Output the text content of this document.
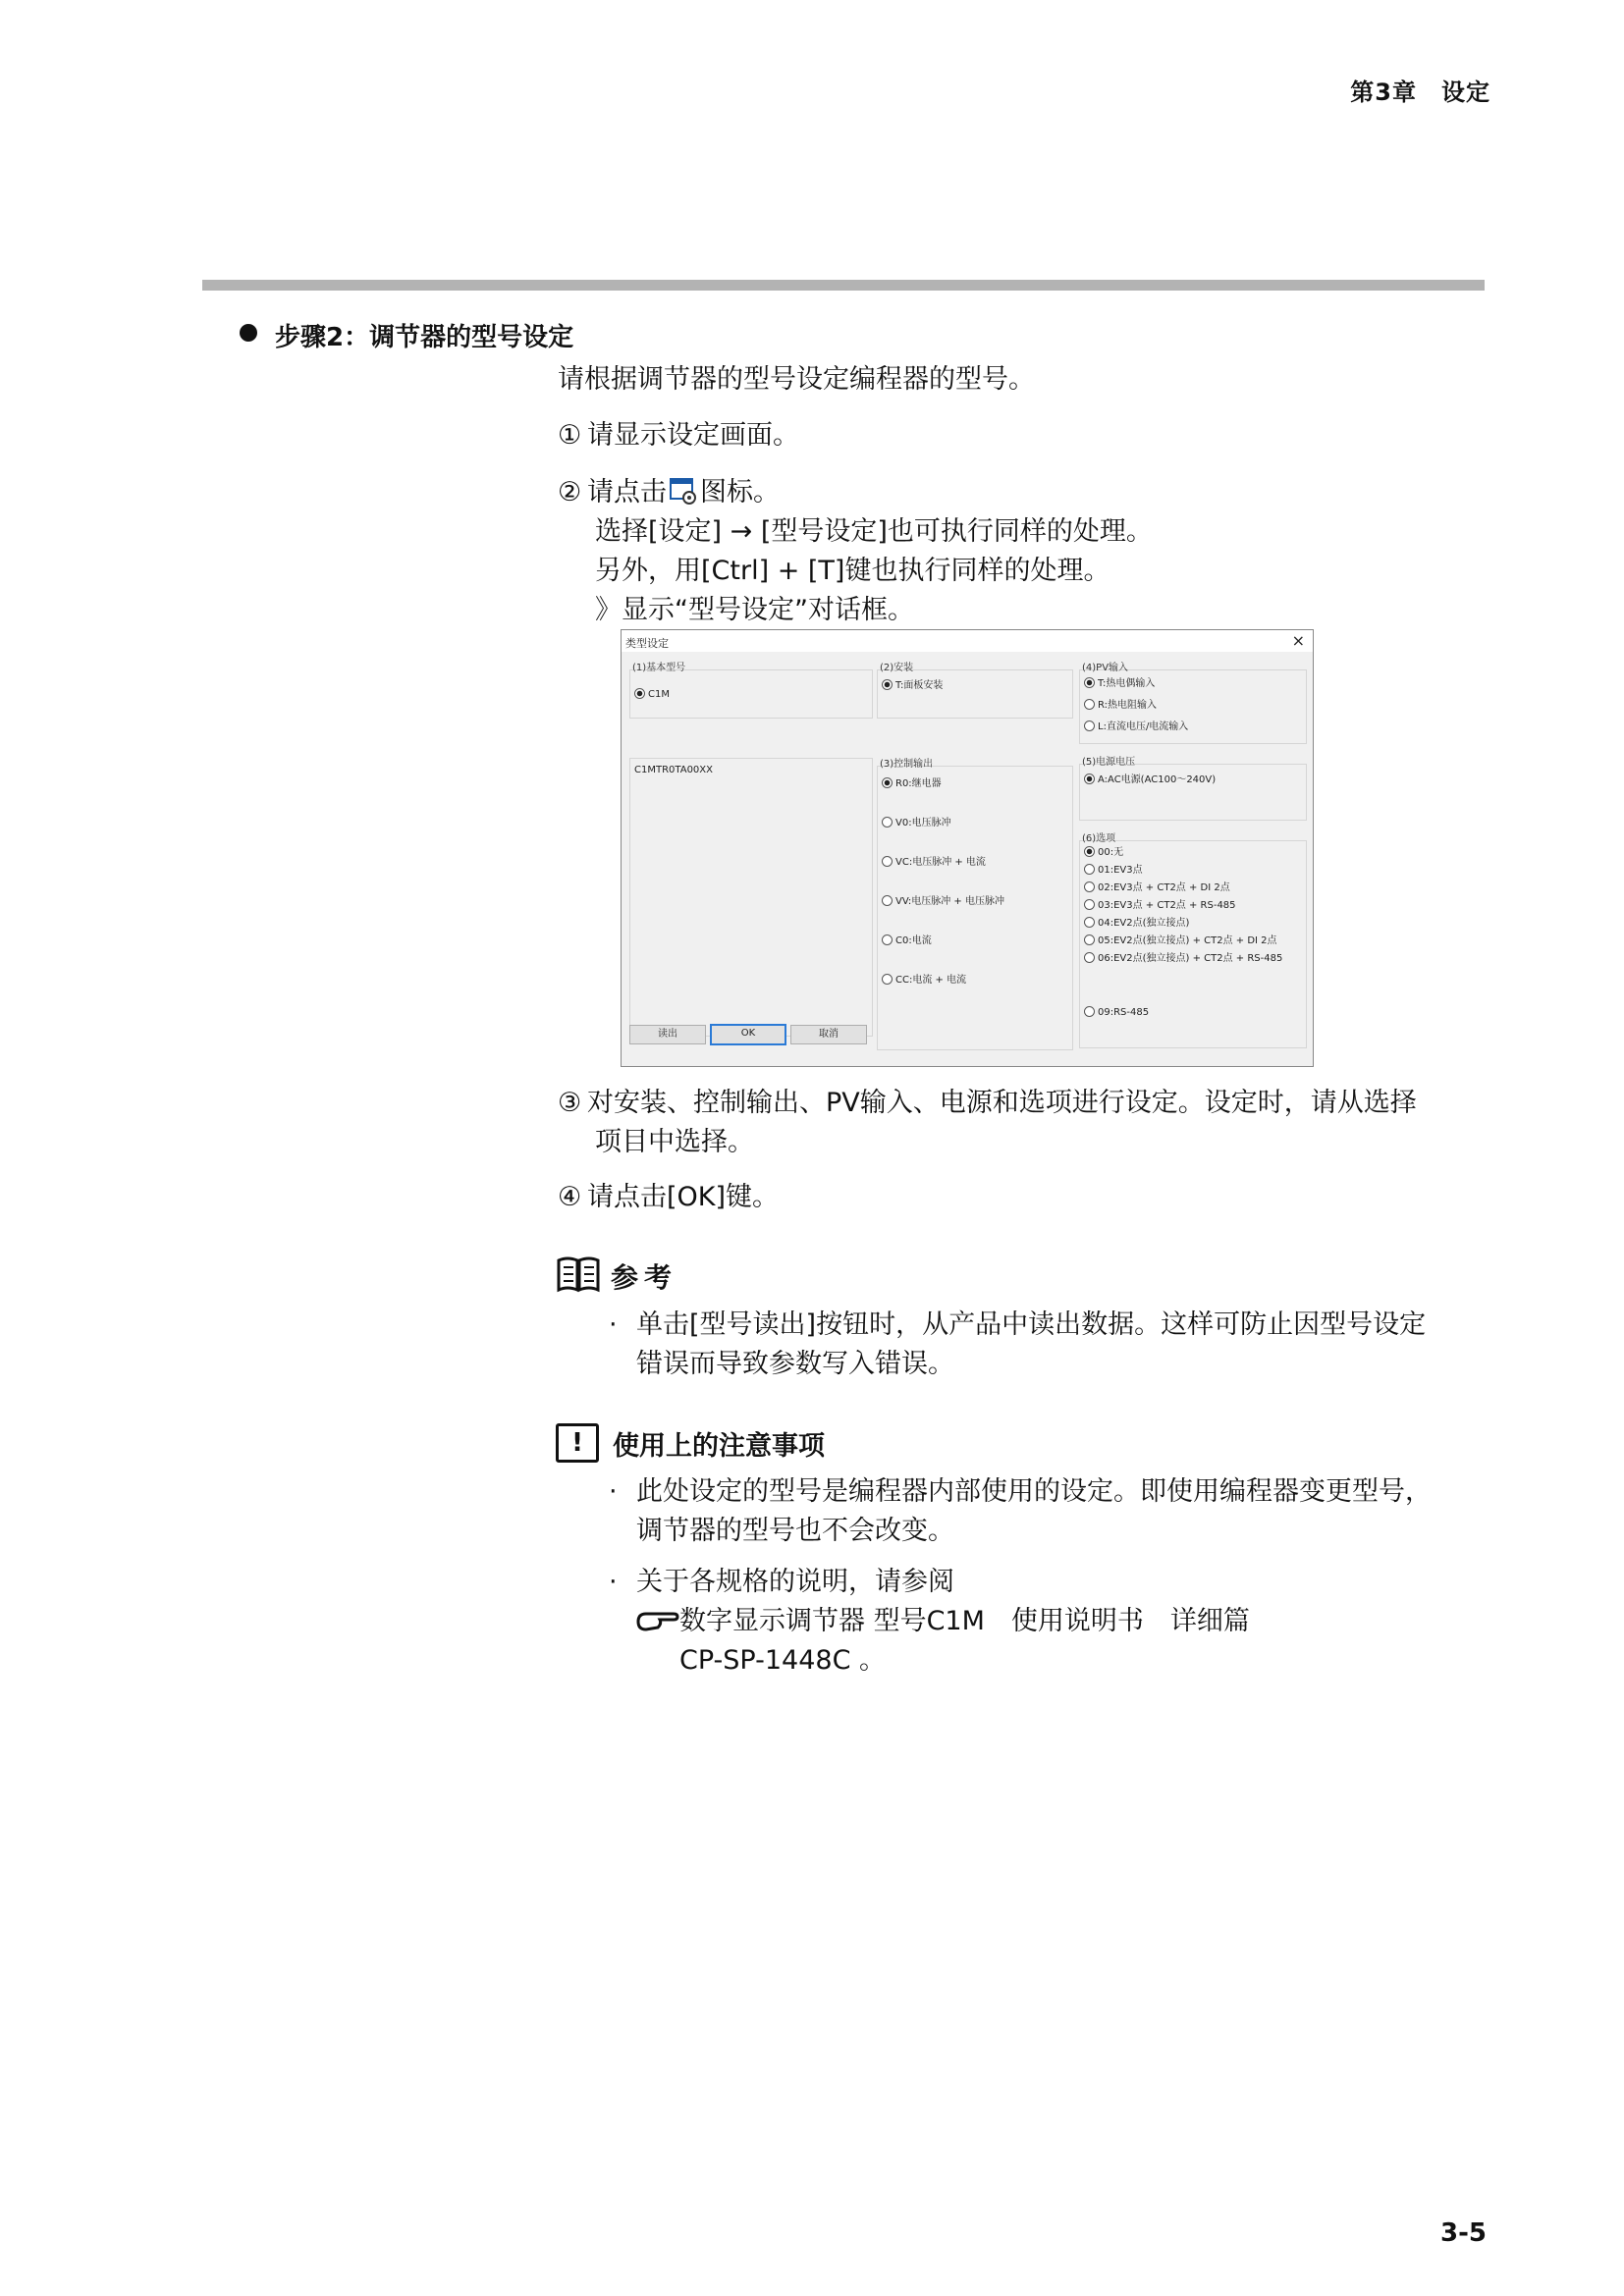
第3章　设定
步骤2：调节器的型号设定
请根据调节器的型号设定编程器的型号。
① 请显示设定画面。
② 请点击 图标。
选择[设定] → [型号设定]也可执行同样的处理。
另外，用[Ctrl] + [T]键也执行同样的处理。
》显示“型号设定”对话框。
类型设定	×
(1)基本型号
C1M
C1MTR0TA00XX
(2)安装
T:面板安装
(3)控制输出
R0:继电器
V0:电压脉冲
VC:电压脉冲 + 电流
VV:电压脉冲 + 电压脉冲
C0:电流
CC:电流 + 电流
(4)PV输入
T:热电偶输入
R:热电阻输入
L:直流电压/电流输入
(5)电源电压
A:AC电源(AC100～240V)
(6)选项
00:无
01:EV3点
02:EV3点 + CT2点 + DI 2点
03:EV3点 + CT2点 + RS-485
04:EV2点(独立接点)
05:EV2点(独立接点) + CT2点 + DI 2点
06:EV2点(独立接点) + CT2点 + RS-485
09:RS-485
读出	OK	取消
③ 对安装、控制输出、PV输入、电源和选项进行设定。设定时，请从选择
项目中选择。
④ 请点击[OK]键。
参考
· 单击[型号读出]按钮时，从产品中读出数据。这样可防止因型号设定
错误而导致参数写入错误。
!	使用上的注意事项
· 此处设定的型号是编程器内部使用的设定。即使用编程器变更型号，
调节器的型号也不会改变。
· 关于各规格的说明，请参阅
数字显示调节器 型号C1M　使用说明书　详细篇
CP-SP-1448C 。
3-5
